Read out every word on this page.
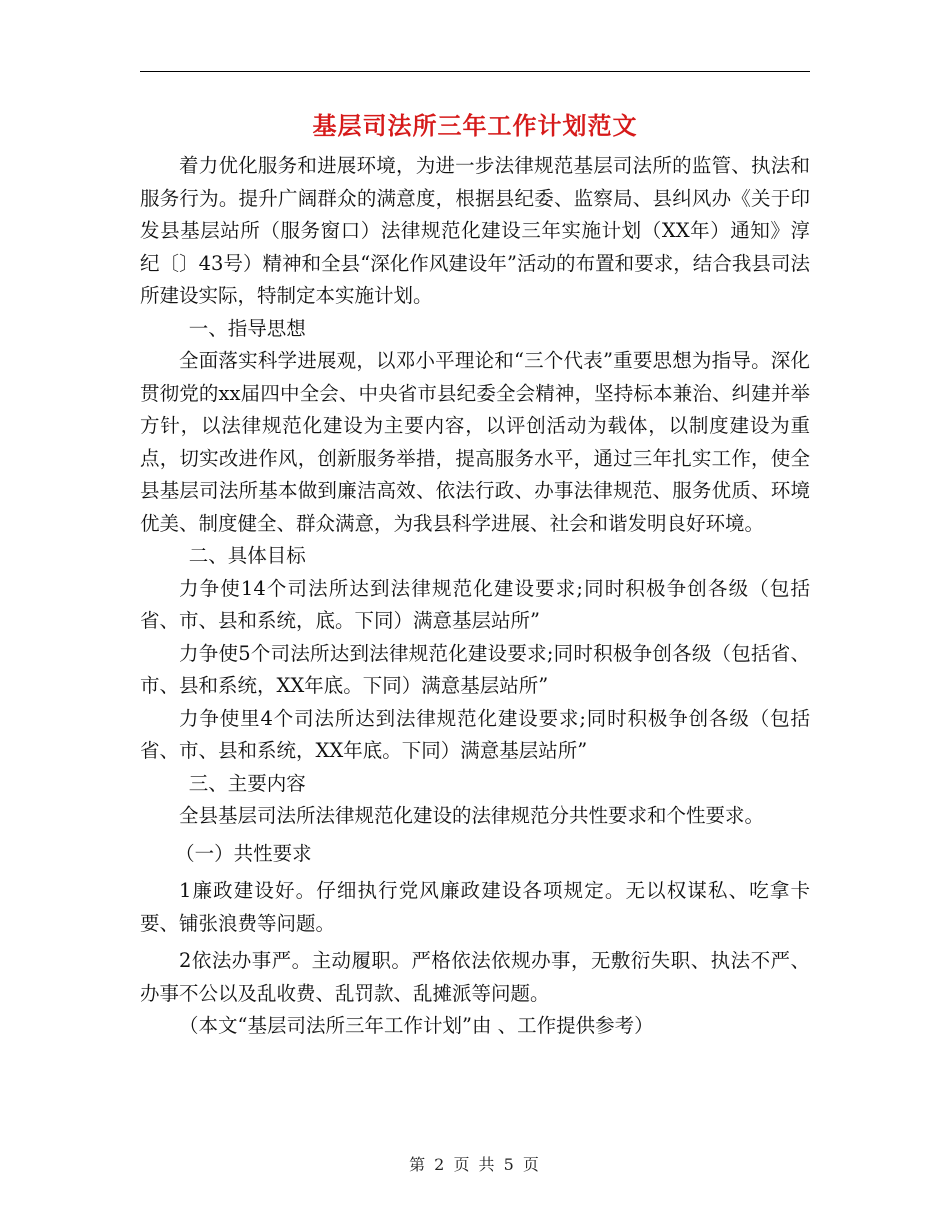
基层司法所三年工作计划范文

着力优化服务和进展环境，为进一步法律规范基层司法所的监管、执法和服务行为。提升广阔群众的满意度，根据县纪委、监察局、县纠风办《关于印发县基层站所（服务窗口）法律规范化建设三年实施计划（XX年）通知》淳纪〔〕43号）精神和全县“深化作风建设年”活动的布置和要求，结合我县司法所建设实际，特制定本实施计划。

一、指导思想

全面落实科学进展观，以邓小平理论和“三个代表”重要思想为指导。深化贯彻党的xx届四中全会、中央省市县纪委全会精神，坚持标本兼治、纠建并举方针，以法律规范化建设为主要内容，以评创活动为载体，以制度建设为重点，切实改进作风，创新服务举措，提高服务水平，通过三年扎实工作，使全县基层司法所基本做到廉洁高效、依法行政、办事法律规范、服务优质、环境优美、制度健全、群众满意，为我县科学进展、社会和谐发明良好环境。

二、具体目标

力争使14个司法所达到法律规范化建设要求;同时积极争创各级（包括省、市、县和系统，底。下同）满意基层站所”

力争使5个司法所达到法律规范化建设要求;同时积极争创各级（包括省、市、县和系统，XX年底。下同）满意基层站所”

力争使里4个司法所达到法律规范化建设要求;同时积极争创各级（包括省、市、县和系统，XX年底。下同）满意基层站所”

三、主要内容

全县基层司法所法律规范化建设的法律规范分共性要求和个性要求。

（一）共性要求

1廉政建设好。仔细执行党风廉政建设各项规定。无以权谋私、吃拿卡要、铺张浪费等问题。

2依法办事严。主动履职。严格依法依规办事，无敷衍失职、执法不严、办事不公以及乱收费、乱罚款、乱摊派等问题。

（本文“基层司法所三年工作计划”由 、工作提供参考）

第 2 页 共 5 页
